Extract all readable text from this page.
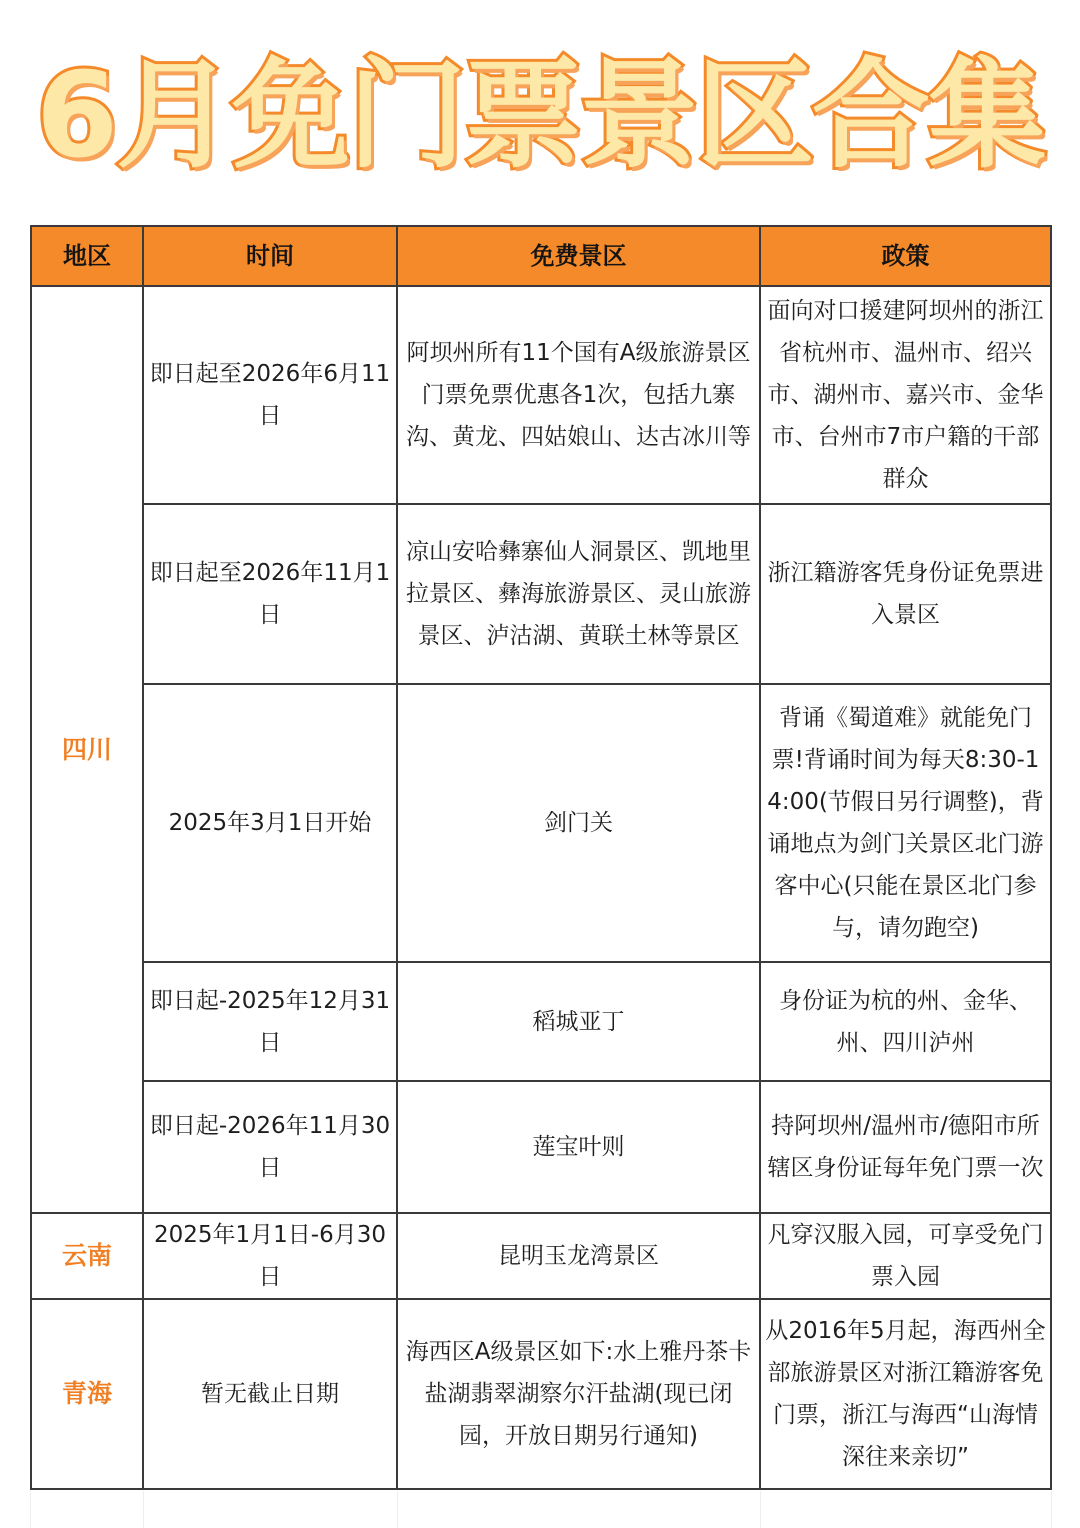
6月免门票景区合集
地区	时间	免费景区	政策
四川	即日起至2026年6月11日	阿坝州所有11个国有A级旅游景区门票免票优惠各1次，包括九寨沟、黄龙、四姑娘山、达古冰川等	面向对口援建阿坝州的浙江省杭州市、温州市、绍兴市、湖州市、嘉兴市、金华市、台州市7市户籍的干部群众
	即日起至2026年11月1日	凉山安哈彝寨仙人洞景区、凯地里拉景区、彝海旅游景区、灵山旅游景区、泸沽湖、黄联土林等景区	浙江籍游客凭身份证免票进入景区
	2025年3月1日开始	剑门关	背诵《蜀道难》就能免门票!背诵时间为每天8:30-14:00(节假日另行调整)，背诵地点为剑门关景区北门游客中心(只能在景区北门参与，请勿跑空)
	即日起-2025年12月31日	稻城亚丁	身份证为杭的州、金华、州、四川泸州
	即日起-2026年11月30日	莲宝叶则	持阿坝州/温州市/德阳市所辖区身份证每年免门票一次
云南	2025年1月1日-6月30日	昆明玉龙湾景区	凡穿汉服入园，可享受免门票入园
青海	暂无截止日期	海西区A级景区如下:水上雅丹茶卡盐湖翡翠湖察尔汗盐湖(现已闭园，开放日期另行通知)	从2016年5月起，海西州全部旅游景区对浙江籍游客免门票，浙江与海西“山海情深往来亲切”
